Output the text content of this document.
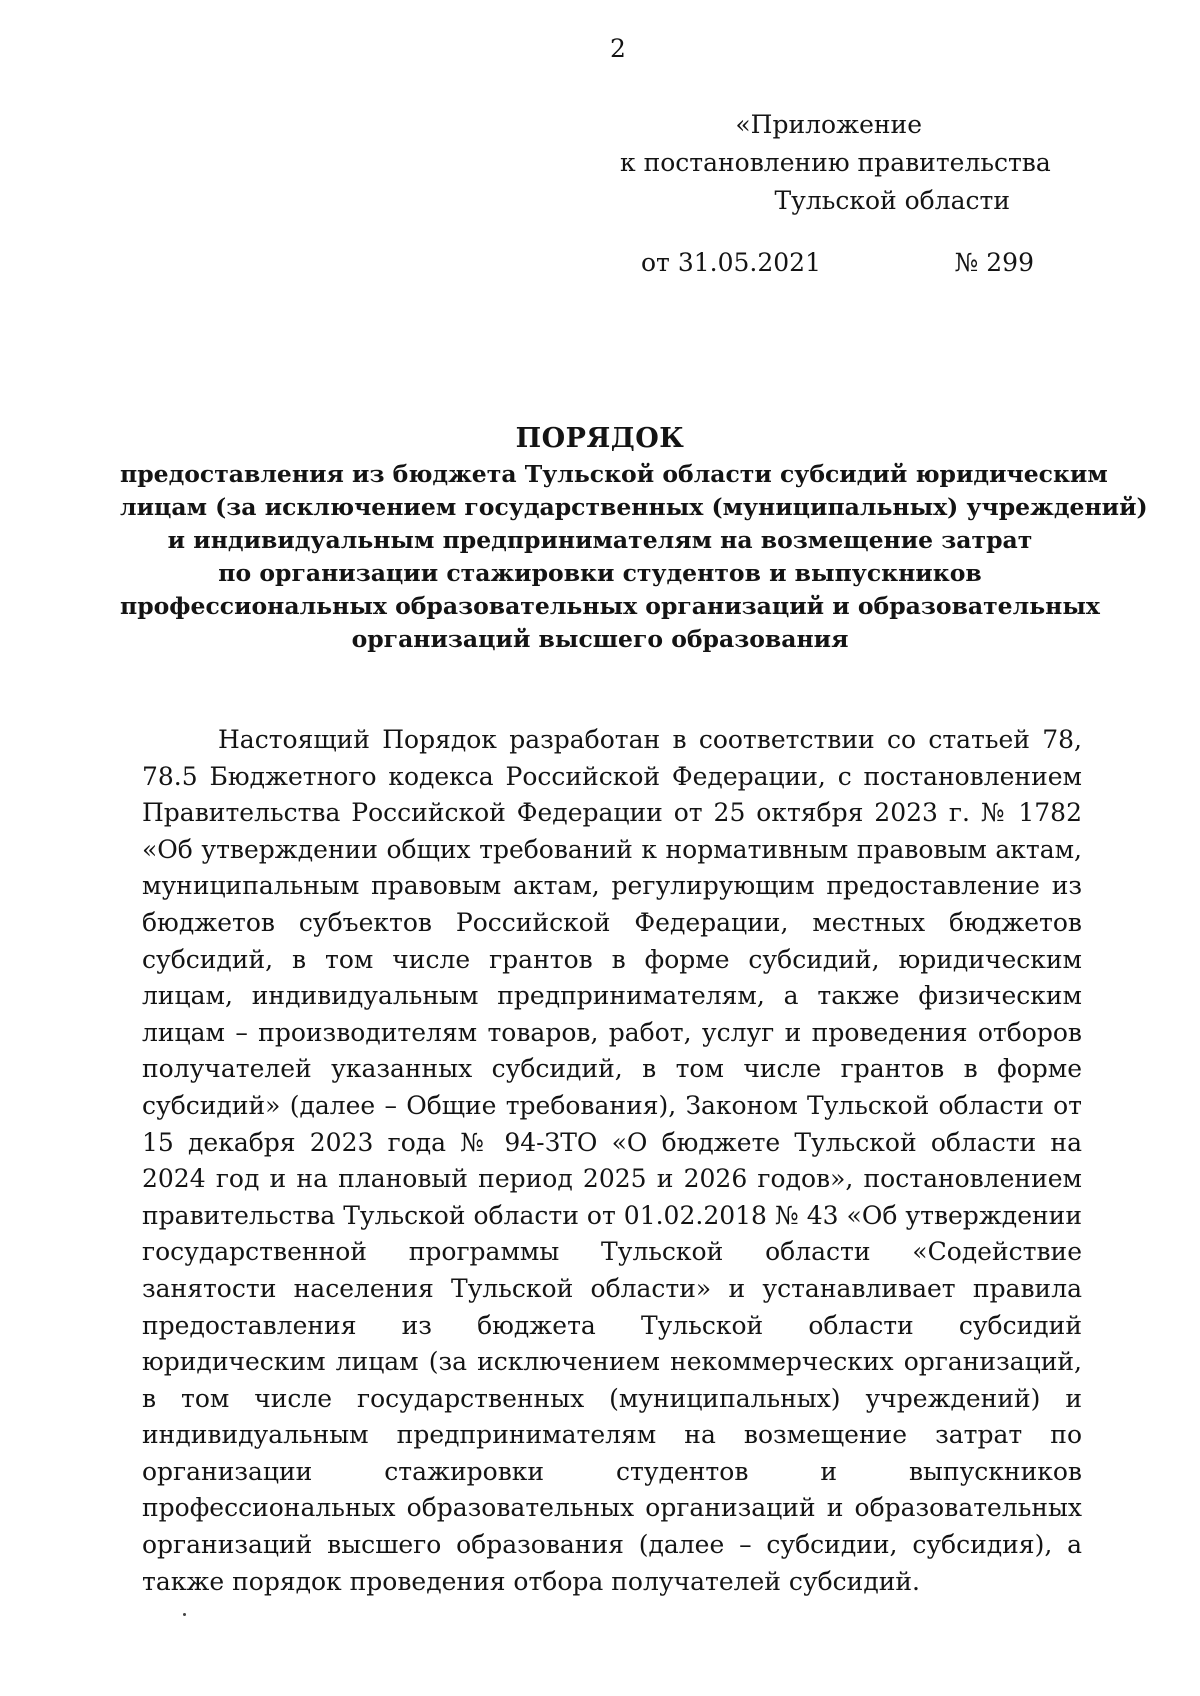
2
«Приложение
к постановлению правительства
Тульской области
от 31.05.2021	№ 299
ПОРЯДОК
предоставления из бюджета Тульской области субсидий юридическим
лицам (за исключением государственных (муниципальных) учреждений)
и индивидуальным предпринимателям на возмещение затрат
по организации стажировки студентов и выпускников
профессиональных образовательных организаций и образовательных
организаций высшего образования

Настоящий Порядок разработан в соответствии со статьей 78, 78.5 Бюджетного кодекса Российской Федерации, с постановлением Правительства Российской Федерации от 25 октября 2023 г. № 1782 «Об утверждении общих требований к нормативным правовым актам, муниципальным правовым актам, регулирующим предоставление из бюджетов субъектов Российской Федерации, местных бюджетов субсидий, в том числе грантов в форме субсидий, юридическим лицам, индивидуальным предпринимателям, а также физическим лицам – производителям товаров, работ, услуг и проведения отборов получателей указанных субсидий, в том числе грантов в форме субсидий» (далее – Общие требования), Законом Тульской области от 15 декабря 2023 года № 94-ЗТО «О бюджете Тульской области на 2024 год и на плановый период 2025 и 2026 годов», постановлением правительства Тульской области от 01.02.2018 № 43 «Об утверждении государственной программы Тульской области «Содействие занятости населения Тульской области» и устанавливает правила предоставления из бюджета Тульской области субсидий юридическим лицам (за исключением некоммерческих организаций, в том числе государственных (муниципальных) учреждений) и индивидуальным предпринимателям на возмещение затрат по организации стажировки студентов и выпускников профессиональных образовательных организаций и образовательных организаций высшего образования (далее – субсидии, субсидия), а также порядок проведения отбора получателей субсидий.
